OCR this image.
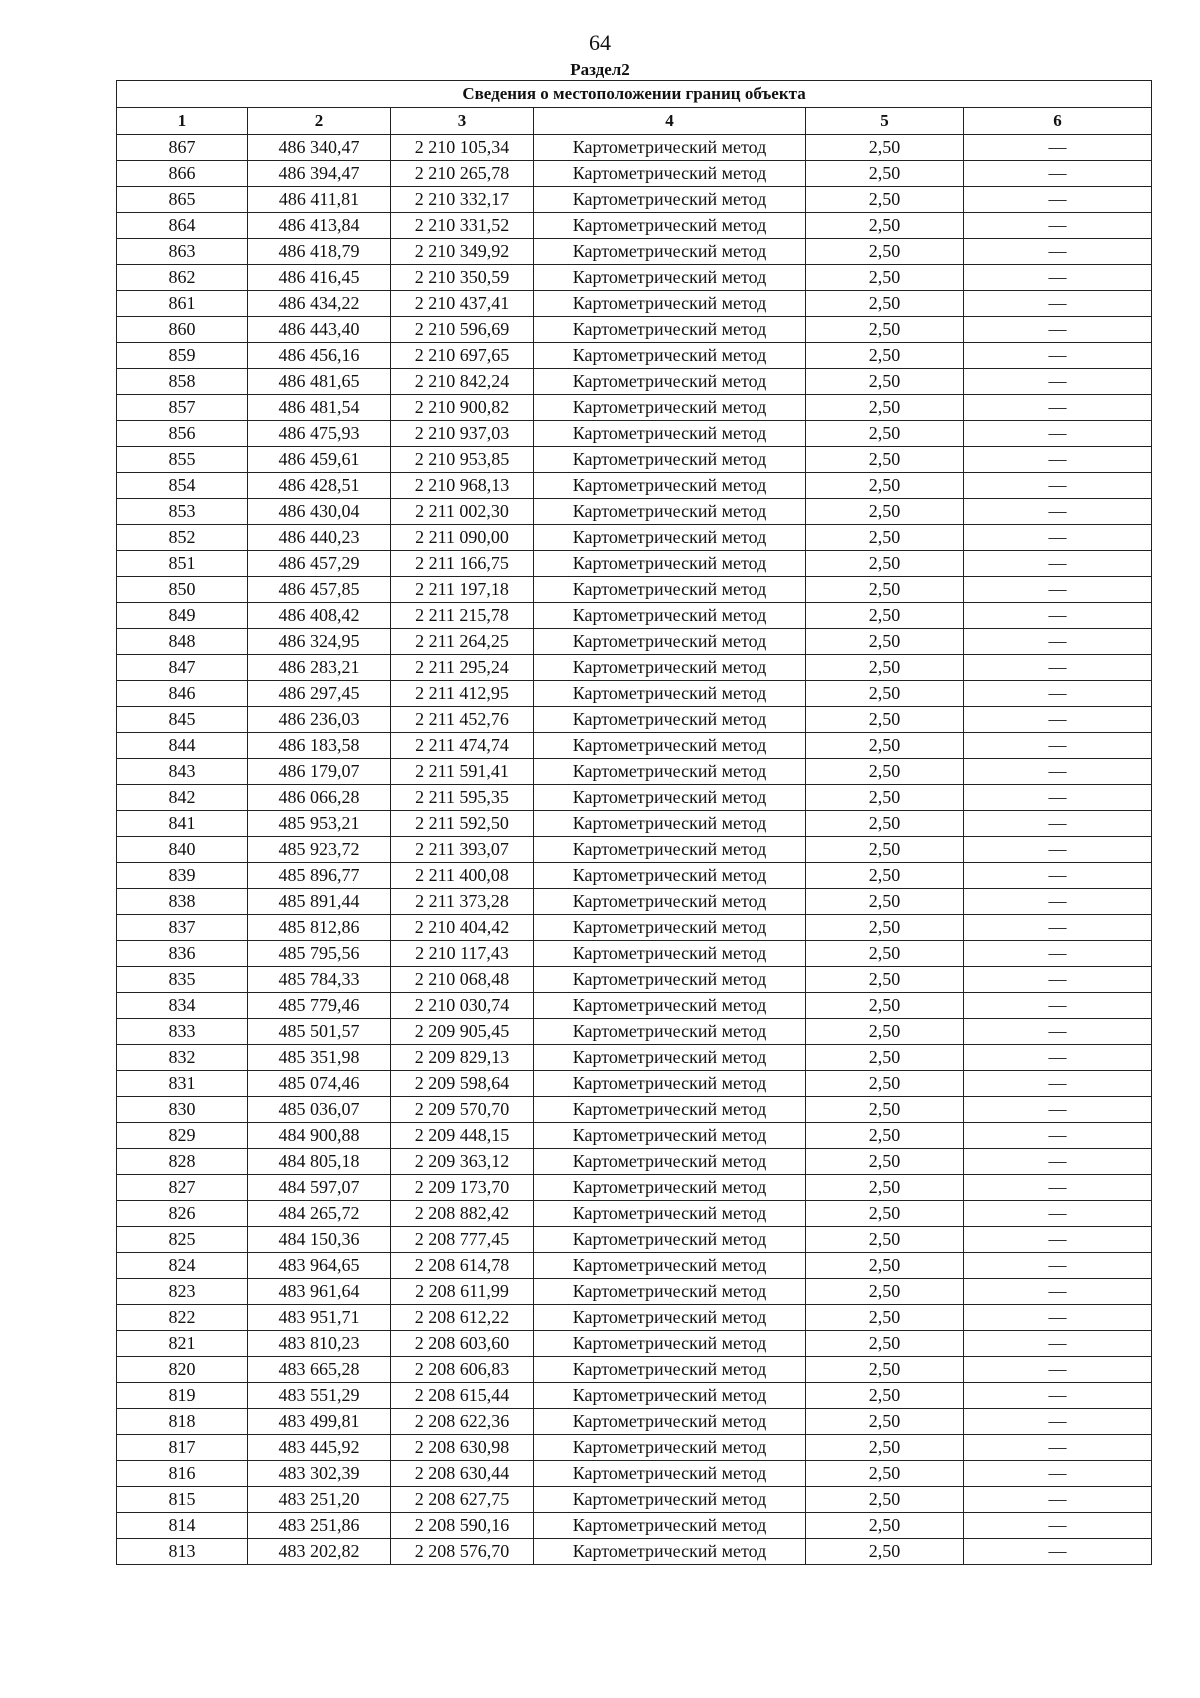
64
Раздел2
Сведения о местоположении границ объекта					
1	2	3	4	5	6
867	486 340,47	2 210 105,34	Картометрический метод	2,50	—
866	486 394,47	2 210 265,78	Картометрический метод	2,50	—
865	486 411,81	2 210 332,17	Картометрический метод	2,50	—
864	486 413,84	2 210 331,52	Картометрический метод	2,50	—
863	486 418,79	2 210 349,92	Картометрический метод	2,50	—
862	486 416,45	2 210 350,59	Картометрический метод	2,50	—
861	486 434,22	2 210 437,41	Картометрический метод	2,50	—
860	486 443,40	2 210 596,69	Картометрический метод	2,50	—
859	486 456,16	2 210 697,65	Картометрический метод	2,50	—
858	486 481,65	2 210 842,24	Картометрический метод	2,50	—
857	486 481,54	2 210 900,82	Картометрический метод	2,50	—
856	486 475,93	2 210 937,03	Картометрический метод	2,50	—
855	486 459,61	2 210 953,85	Картометрический метод	2,50	—
854	486 428,51	2 210 968,13	Картометрический метод	2,50	—
853	486 430,04	2 211 002,30	Картометрический метод	2,50	—
852	486 440,23	2 211 090,00	Картометрический метод	2,50	—
851	486 457,29	2 211 166,75	Картометрический метод	2,50	—
850	486 457,85	2 211 197,18	Картометрический метод	2,50	—
849	486 408,42	2 211 215,78	Картометрический метод	2,50	—
848	486 324,95	2 211 264,25	Картометрический метод	2,50	—
847	486 283,21	2 211 295,24	Картометрический метод	2,50	—
846	486 297,45	2 211 412,95	Картометрический метод	2,50	—
845	486 236,03	2 211 452,76	Картометрический метод	2,50	—
844	486 183,58	2 211 474,74	Картометрический метод	2,50	—
843	486 179,07	2 211 591,41	Картометрический метод	2,50	—
842	486 066,28	2 211 595,35	Картометрический метод	2,50	—
841	485 953,21	2 211 592,50	Картометрический метод	2,50	—
840	485 923,72	2 211 393,07	Картометрический метод	2,50	—
839	485 896,77	2 211 400,08	Картометрический метод	2,50	—
838	485 891,44	2 211 373,28	Картометрический метод	2,50	—
837	485 812,86	2 210 404,42	Картометрический метод	2,50	—
836	485 795,56	2 210 117,43	Картометрический метод	2,50	—
835	485 784,33	2 210 068,48	Картометрический метод	2,50	—
834	485 779,46	2 210 030,74	Картометрический метод	2,50	—
833	485 501,57	2 209 905,45	Картометрический метод	2,50	—
832	485 351,98	2 209 829,13	Картометрический метод	2,50	—
831	485 074,46	2 209 598,64	Картометрический метод	2,50	—
830	485 036,07	2 209 570,70	Картометрический метод	2,50	—
829	484 900,88	2 209 448,15	Картометрический метод	2,50	—
828	484 805,18	2 209 363,12	Картометрический метод	2,50	—
827	484 597,07	2 209 173,70	Картометрический метод	2,50	—
826	484 265,72	2 208 882,42	Картометрический метод	2,50	—
825	484 150,36	2 208 777,45	Картометрический метод	2,50	—
824	483 964,65	2 208 614,78	Картометрический метод	2,50	—
823	483 961,64	2 208 611,99	Картометрический метод	2,50	—
822	483 951,71	2 208 612,22	Картометрический метод	2,50	—
821	483 810,23	2 208 603,60	Картометрический метод	2,50	—
820	483 665,28	2 208 606,83	Картометрический метод	2,50	—
819	483 551,29	2 208 615,44	Картометрический метод	2,50	—
818	483 499,81	2 208 622,36	Картометрический метод	2,50	—
817	483 445,92	2 208 630,98	Картометрический метод	2,50	—
816	483 302,39	2 208 630,44	Картометрический метод	2,50	—
815	483 251,20	2 208 627,75	Картометрический метод	2,50	—
814	483 251,86	2 208 590,16	Картометрический метод	2,50	—
813	483 202,82	2 208 576,70	Картометрический метод	2,50	—
